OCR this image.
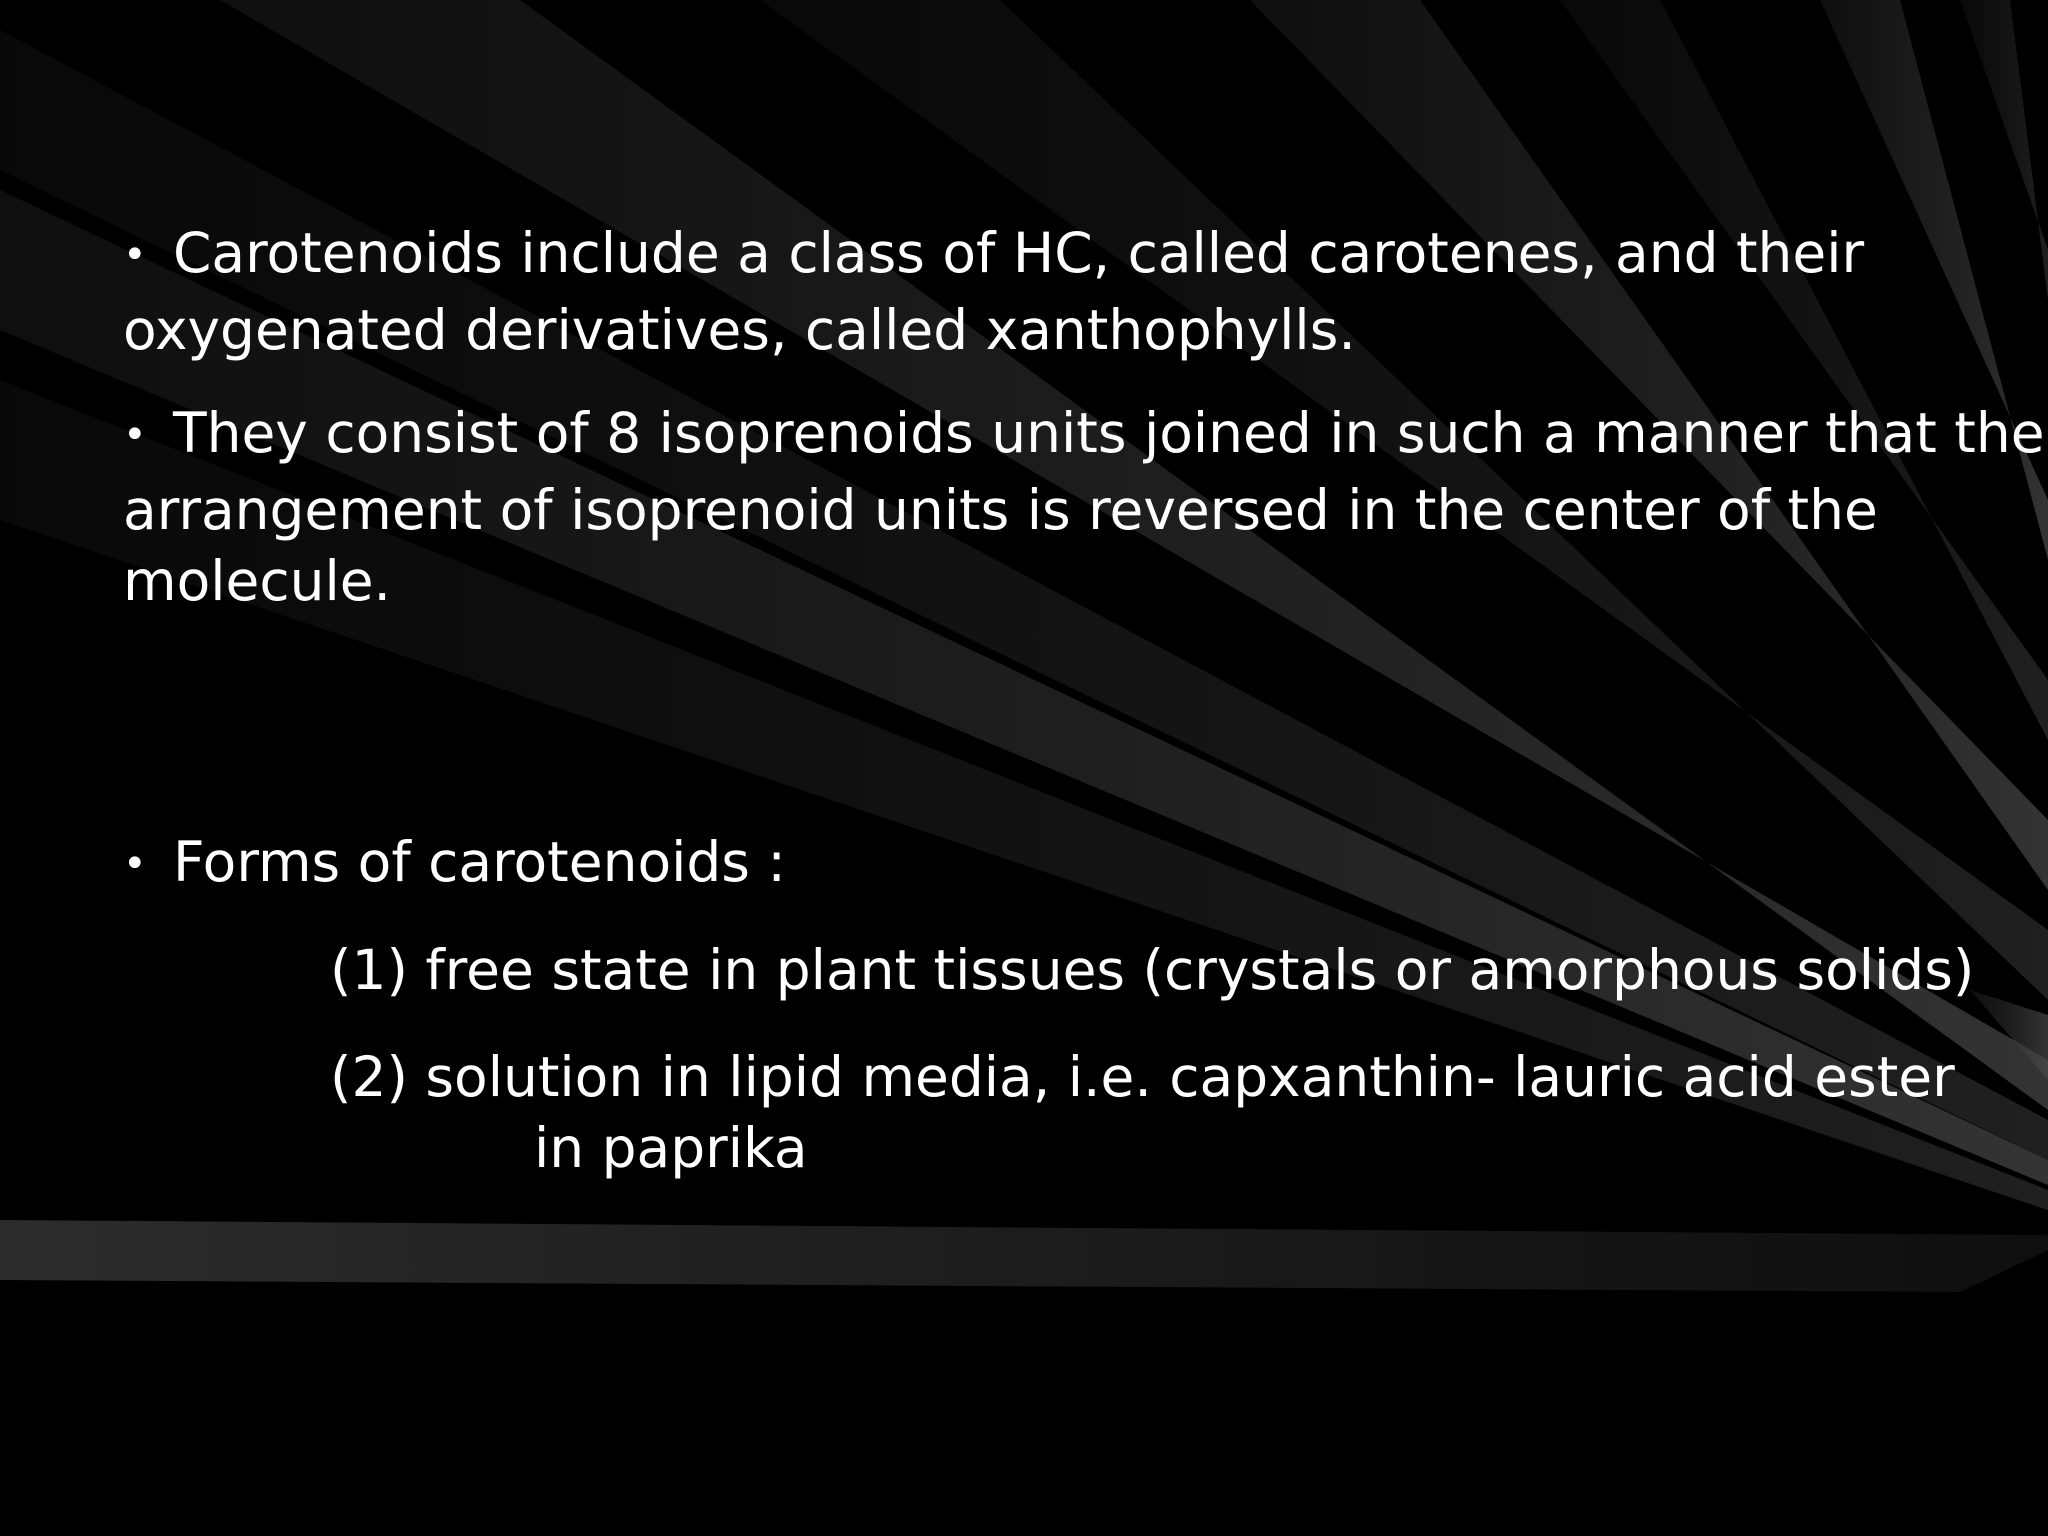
• Carotenoids include a class of HC, called carotenes, and their
oxygenated derivatives, called xanthophylls.

• They consist of 8 isoprenoids units joined in such a manner that the
arrangement of isoprenoid units is reversed in the center of the
molecule.

• Forms of carotenoids :

(1) free state in plant tissues (crystals or amorphous solids)

(2) solution in lipid media, i.e. capxanthin- lauric acid ester
in paprika
